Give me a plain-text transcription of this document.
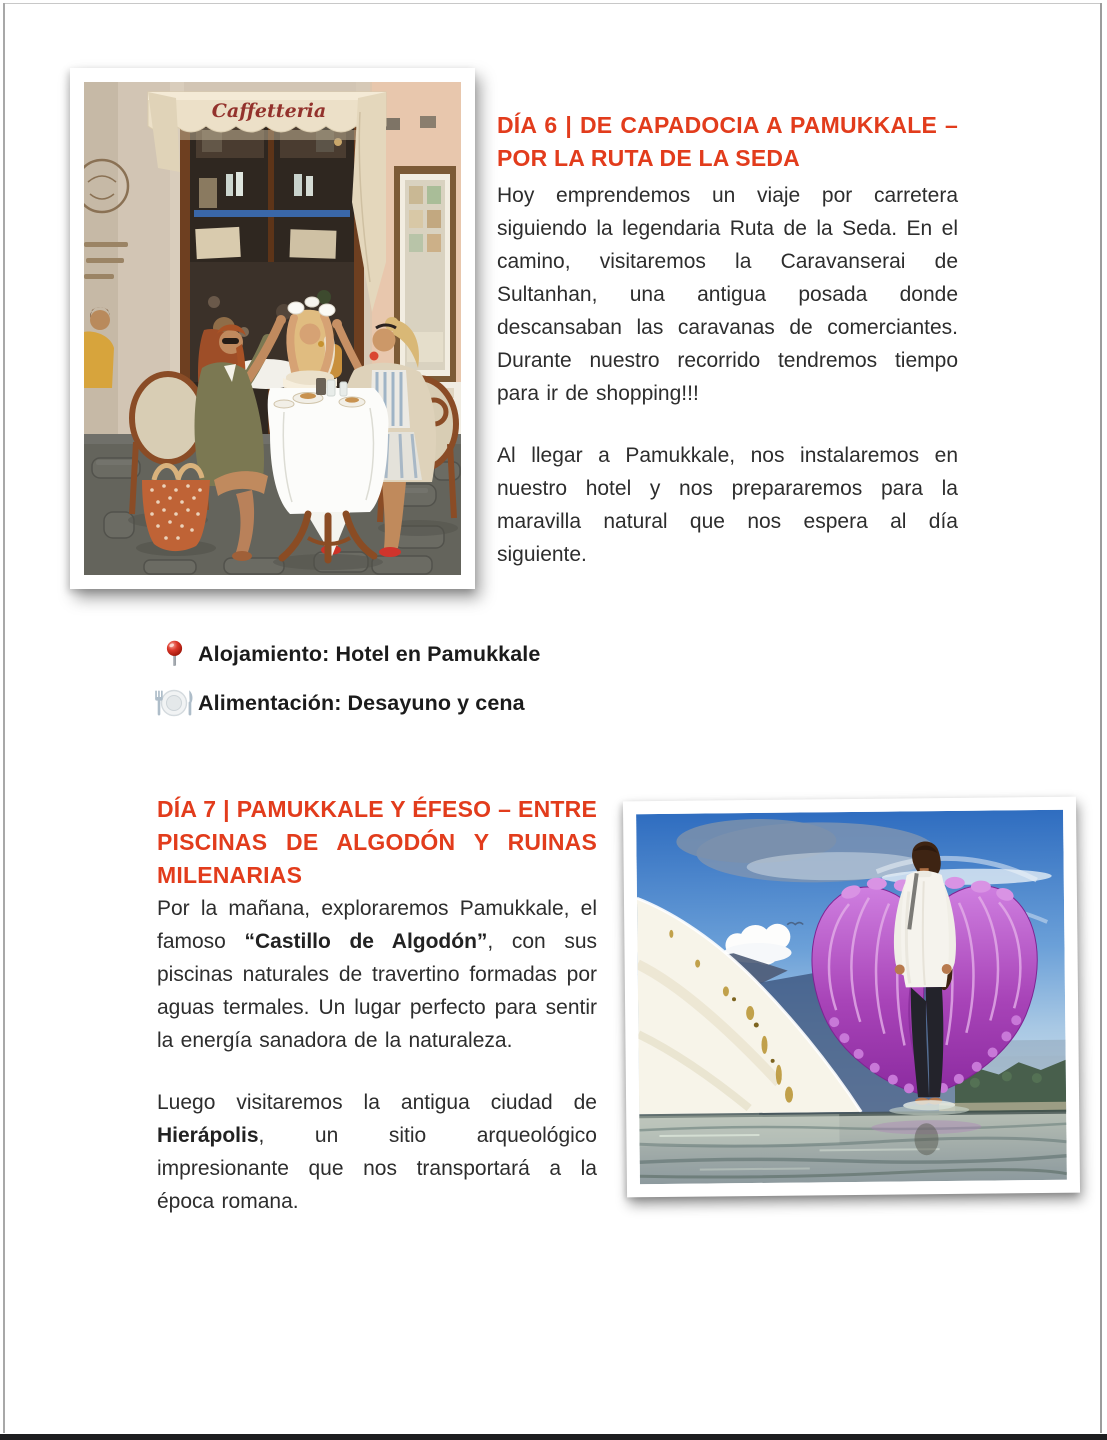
Caffetteria
DÍA 6 | DE CAPADOCIA A PAMUKKALE –
POR LA RUTA DE LA SEDA

Hoy emprendemos un viaje por carretera siguiendo la legendaria Ruta de la Seda. En el camino, visitaremos la Caravanserai de Sultanhan, una antigua posada donde descansaban las caravanas de comerciantes. Durante nuestro recorrido tendremos tiempo para ir de shopping!!!

Al llegar a Pamukkale, nos instalaremos en nuestro hotel y nos prepararemos para la maravilla natural que nos espera al día siguiente.

Alojamiento: Hotel en Pamukkale
Alimentación: Desayuno y cena
DÍA 7 | PAMUKKALE Y ÉFESO – ENTRE
PISCINAS DE ALGODÓN Y RUINAS
MILENARIAS

Por la mañana, exploraremos Pamukkale, el famoso “Castillo de Algodón”, con sus piscinas naturales de travertino formadas por aguas termales. Un lugar perfecto para sentir la energía sanadora de la naturaleza.

Luego visitaremos la antigua ciudad de Hierápolis, un sitio arqueológico impresionante que nos transportará a la época romana.
